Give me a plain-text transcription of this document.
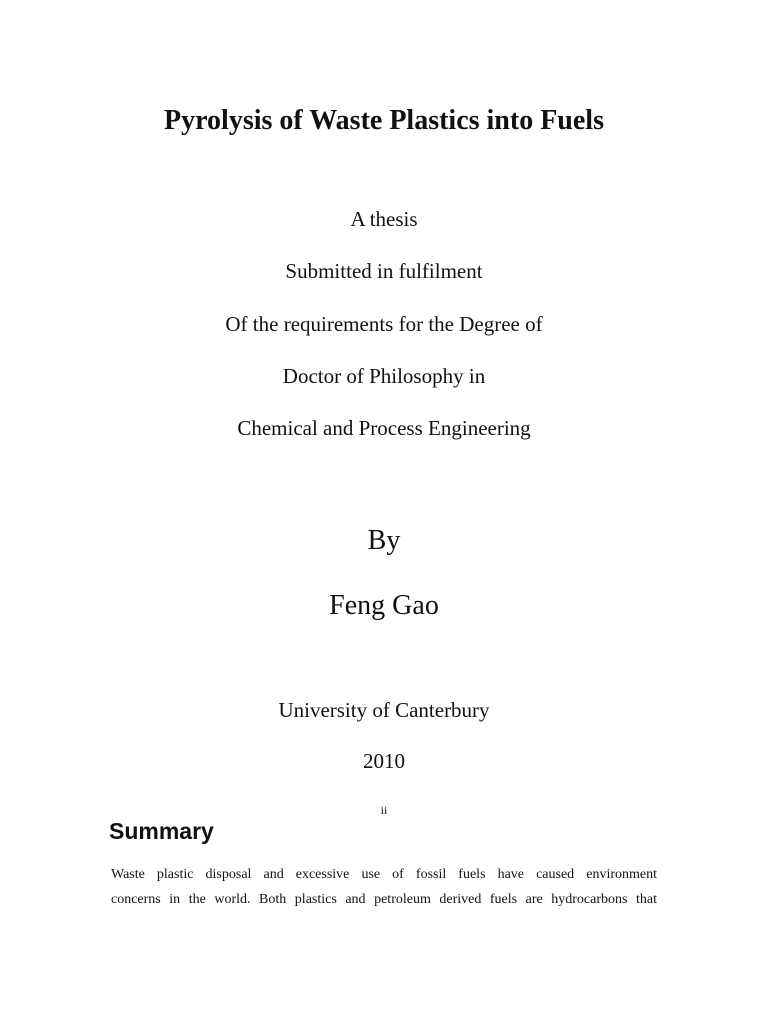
Pyrolysis of Waste Plastics into Fuels
A thesis
Submitted in fulfilment
Of the requirements for the Degree of
Doctor of Philosophy in
Chemical and Process Engineering
By
Feng Gao
University of Canterbury
2010
ii
Summary
Waste plastic disposal and excessive use of fossil fuels have caused environment
concerns in the world. Both plastics and petroleum derived fuels are hydrocarbons that
